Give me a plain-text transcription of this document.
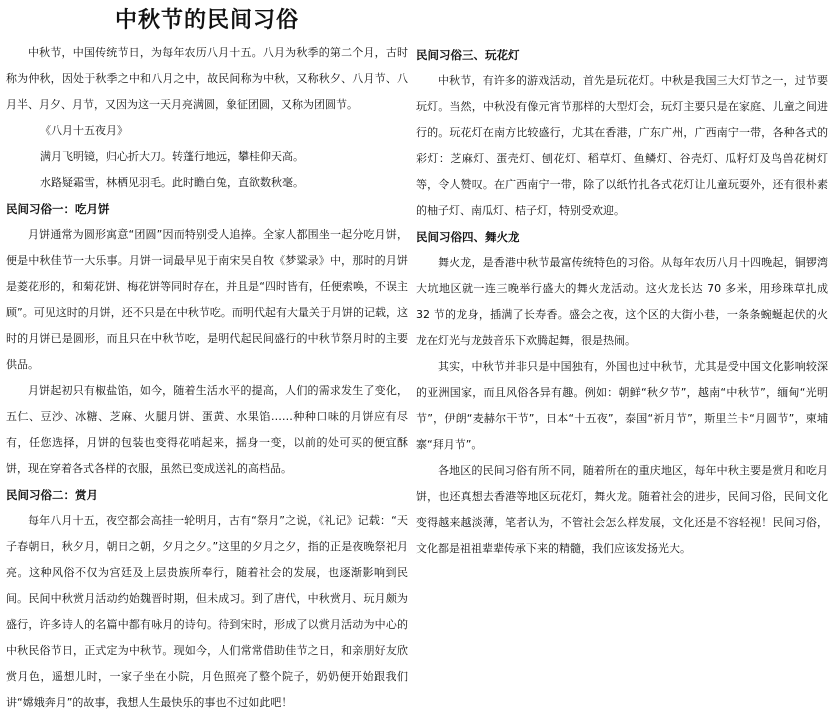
中秋节的民间习俗

中秋节，中国传统节日，为每年农历八月十五。八月为秋季的第二个月，古时称为仲秋，因处于秋季之中和八月之中，故民间称为中秋，又称秋夕、八月节、八月半、月夕、月节，又因为这一天月亮满圆，象征团圆，又称为团圆节。

《八月十五夜月》

满月飞明镜，归心折大刀。转蓬行地远，攀桂仰天高。

水路疑霜雪，林栖见羽毛。此时瞻白兔，直欲数秋毫。

民间习俗一：吃月饼

月饼通常为圆形寓意“团圆”因而特别受人追捧。全家人都围坐一起分吃月饼，便是中秋佳节一大乐事。月饼一词最早见于南宋吴自牧《梦粱录》中，那时的月饼是菱花形的，和菊花饼、梅花饼等同时存在，并且是“四时皆有，任便索唤，不误主顾”。可见这时的月饼，还不只是在中秋节吃。而明代起有大量关于月饼的记载，这时的月饼已是圆形，而且只在中秋节吃，是明代起民间盛行的中秋节祭月时的主要供品。

月饼起初只有椒盐馅，如今，随着生活水平的提高，人们的需求发生了变化，五仁、豆沙、冰糖、芝麻、火腿月饼、蛋黄、水果馅……种种口味的月饼应有尽有，任您选择，月饼的包装也变得花哨起来，摇身一变，以前的处可买的便宜酥饼，现在穿着各式各样的衣服，虽然已变成送礼的高档品。

民间习俗二：赏月

每年八月十五，夜空都会高挂一轮明月，古有“祭月”之说，《礼记》记载：“天子春朝日，秋夕月，朝日之朝，夕月之夕。”这里的夕月之夕，指的正是夜晚祭祀月亮。这种风俗不仅为宫廷及上层贵族所奉行，随着社会的发展，也逐渐影响到民间。民间中秋赏月活动约始魏晋时期，但未成习。到了唐代，中秋赏月、玩月颇为盛行，许多诗人的名篇中都有咏月的诗句。待到宋时，形成了以赏月活动为中心的中秋民俗节日，正式定为中秋节。现如今，人们常常借助佳节之日，和亲朋好友欣赏月色，遥想儿时，一家子坐在小院，月色照亮了整个院子，奶奶便开始跟我们讲“嫦娥奔月”的故事，我想人生最快乐的事也不过如此吧！

民间习俗三、玩花灯

中秋节，有许多的游戏活动，首先是玩花灯。中秋是我国三大灯节之一，过节要玩灯。当然，中秋没有像元宵节那样的大型灯会，玩灯主要只是在家庭、儿童之间进行的。玩花灯在南方比较盛行，尤其在香港，广东广州，广西南宁一带，各种各式的彩灯：芝麻灯、蛋壳灯、刨花灯、稻草灯、鱼鳞灯、谷壳灯、瓜籽灯及鸟兽花树灯等，令人赞叹。在广西南宁一带，除了以纸竹扎各式花灯让儿童玩耍外，还有很朴素的柚子灯、南瓜灯、桔子灯，特别受欢迎。

民间习俗四、舞火龙

舞火龙，是香港中秋节最富传统特色的习俗。从每年农历八月十四晚起，铜锣湾大坑地区就一连三晚举行盛大的舞火龙活动。这火龙长达 70 多米，用珍珠草扎成 32 节的龙身，插满了长寿香。盛会之夜，这个区的大街小巷，一条条蜿蜒起伏的火龙在灯光与龙鼓音乐下欢腾起舞，很是热闹。

其实，中秋节并非只是中国独有，外国也过中秋节，尤其是受中国文化影响较深的亚洲国家，而且风俗各异有趣。例如：朝鲜“秋夕节”，越南“中秋节”，缅甸“光明节”，伊朗“麦赫尔干节”，日本“十五夜”，泰国“祈月节”，斯里兰卡“月圆节”，柬埔寨“拜月节”。

各地区的民间习俗有所不同，随着所在的重庆地区，每年中秋主要是赏月和吃月饼，也还真想去香港等地区玩花灯，舞火龙。随着社会的进步，民间习俗，民间文化变得越来越淡薄，笔者认为，不管社会怎么样发展，文化还是不容轻视！民间习俗，文化都是祖祖辈辈传承下来的精髓，我们应该发扬光大。
